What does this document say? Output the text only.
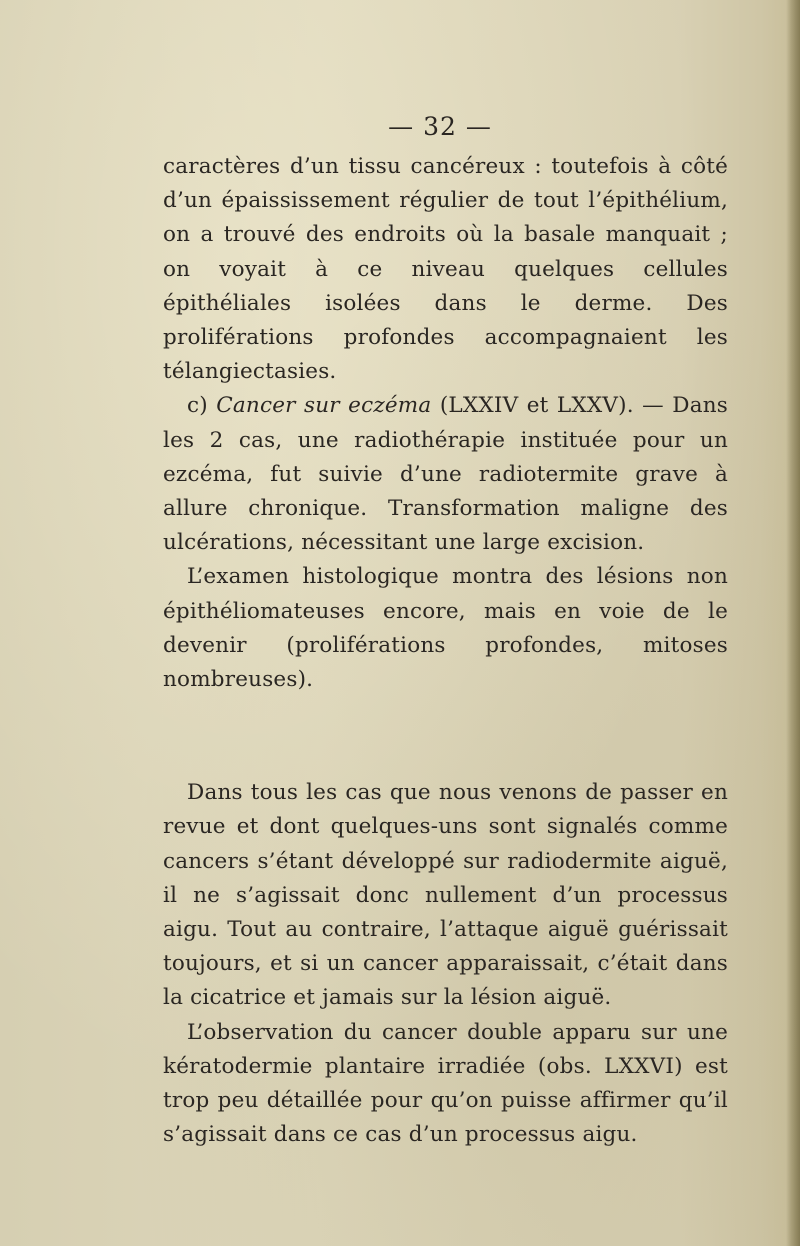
— 32 —

caractères d’un tissu cancéreux : toutefois à côté d’un épaississement régulier de tout l’épithélium, on a trouvé des endroits où la basale manquait ; on voyait à ce niveau quelques cellules épithéliales isolées dans le derme. Des proliférations profondes accompagnaient les télangiectasies.

c) Cancer sur eczéma (LXXIV et LXXV). — Dans les 2 cas, une radiothérapie instituée pour un ezcéma, fut suivie d’une radiotermite grave à allure chronique. Transformation maligne des ulcérations, nécessitant une large excision.

L’examen histologique montra des lésions non épithéliomateuses encore, mais en voie de le devenir (proliférations profondes, mitoses nombreuses).

Dans tous les cas que nous venons de passer en revue et dont quelques-uns sont signalés comme cancers s’étant développé sur radiodermite aiguë, il ne s’agissait donc nullement d’un processus aigu. Tout au contraire, l’attaque aiguë guérissait toujours, et si un cancer apparaissait, c’était dans la cicatrice et jamais sur la lésion aiguë.

L’observation du cancer double apparu sur une kératodermie plantaire irradiée (obs. LXXVI) est trop peu détaillée pour qu’on puisse affirmer qu’il s’agissait dans ce cas d’un processus aigu.
